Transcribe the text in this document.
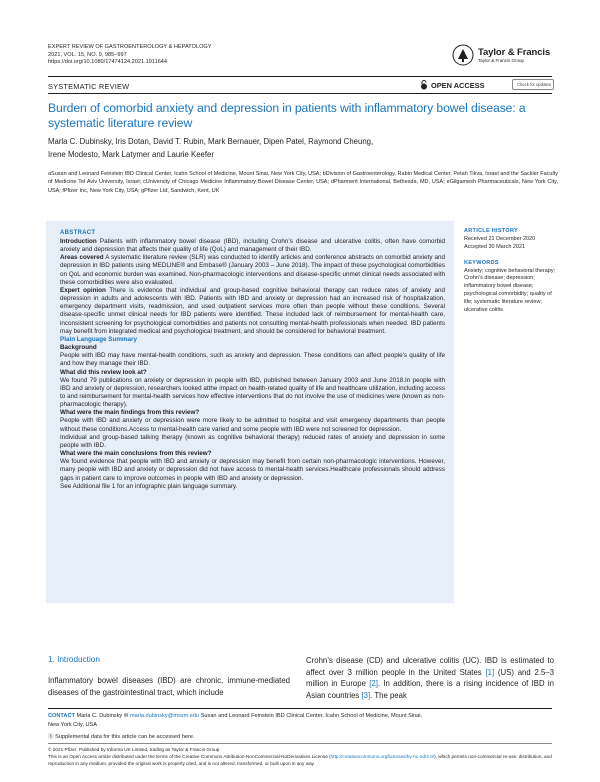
EXPERT REVIEW OF GASTROENTEROLOGY & HEPATOLOGY
2021, VOL. 15, NO. 9, 985–997
https://doi.org/10.1080/17474124.2021.1911644
Taylor & Francis
Taylor & Francis Group
SYSTEMATIC REVIEW	OPEN ACCESS	Check for updates
Burden of comorbid anxiety and depression in patients with inflammatory bowel disease: a systematic literature review
Marla C. Dubinsky, Iris Dotan, David T. Rubin, Mark Bernauer, Dipen Patel, Raymond Cheung,
Irene Modesto, Mark Latymer and Laurie Keefer
aSusan and Leonard Feinstein IBD Clinical Center, Icahn School of Medicine, Mount Sinai, New York City, USA; bDivision of Gastroenterology, Rabin Medical Center, Petah Tikva, Israel and the Sackler Faculty of Medicine Tel Aviv University, Israel; cUniversity of Chicago Medicine Inflammatory Bowel Disease Center, USA; dPharmerit International, Bethesda, MD, USA; eGilgamesh Pharmaceuticals, New York City, USA; fPfizer Inc, New York City, USA; gPfizer Ltd, Sandwich, Kent, UK
ABSTRACT

Introduction Patients with inflammatory bowel disease (IBD), including Crohn’s disease and ulcerative colitis, often have comorbid anxiety and depression that affects their quality of life (QoL) and management of their IBD.

Areas covered A systematic literature review (SLR) was conducted to identify articles and conference abstracts on comorbid anxiety and depression in IBD patients using MEDLINE® and Embase® (January 2003 – June 2018). The impact of these psychological comorbidities on QoL and economic burden was examined. Non-pharmacologic interventions and disease-specific unmet clinical needs associated with these comorbidities were also evaluated.

Expert opinion There is evidence that individual and group-based cognitive behavioral therapy can reduce rates of anxiety and depression in adults and adolescents with IBD. Patients with IBD and anxiety or depression had an increased risk of hospitalization, emergency department visits, readmission, and used outpatient services more often than people without these conditions. Several disease-specific unmet clinical needs for IBD patients were identified. These included lack of reimbursement for mental-health care, inconsistent screening for psychological comorbidities and patients not consulting mental-health professionals when needed. IBD patients may benefit from integrated medical and psychological treatment, and should be considered for behavioral treatment.

Plain Language Summary

Background

People with IBD may have mental-health conditions, such as anxiety and depression. These conditions can affect people’s quality of life and how they manage their IBD.

What did this review look at?

We found 79 publications on anxiety or depression in people with IBD, published between January 2003 and June 2018.In people with IBD and anxiety or depression, researchers looked atthe impact on health-related quality of life and healthcare utilization, including access to and reimbursement for mental-health services how effective interventions that do not involve the use of medicines were (known as non-pharmacologic therapy).

What were the main findings from this review?

People with IBD and anxiety or depression were more likely to be admitted to hospital and visit emergency departments than people without these conditions.Access to mental-health care varied and some people with IBD were not screened for depression.

Individual and group-based talking therapy (known as cognitive behavioral therapy) reduced rates of anxiety and depression in some people with IBD.

What were the main conclusions from this review?

We found evidence that people with IBD and anxiety or depression may benefit from certain non-pharmacologic interventions. However, many people with IBD and anxiety or depression did not have access to mental-health services.Healthcare professionals should address gaps in patient care to improve outcomes in people with IBD and anxiety or depression.

See Additional file 1 for an infographic plain language summary.

ARTICLE HISTORY
Received 21 December 2020
Accepted 30 March 2021
KEYWORDS
Anxiety; cognitive behavioral therapy; Crohn’s disease; depression; inflammatory bowel disease; psychological comorbidity; quality of life; systematic literature review; ulcerative colitis
1. Introduction
Inflammatory bowel diseases (IBD) are chronic, immune-mediated diseases of the gastrointestinal tract, which include
Crohn’s disease (CD) and ulcerative colitis (UC). IBD is estimated to affect over 3 million people in the United States [1] (US) and 2.5–3 million in Europe [2]. In addition, there is a rising incidence of IBD in Asian countries [3]. The peak
CONTACT Marla C. Dubinsky ✉ marla.dubinsky@mssm.edu Susan and Leonard Feinstein IBD Clinical Center, Icahn School of Medicine, Mount Sinai,
New York City, USA
ⓑ Supplemental data for this article can be accessed here.
© 2021 Pfizer. Published by Informa UK Limited, trading as Taylor & Francis Group
This is an Open Access article distributed under the terms of the Creative Commons Attribution-NonCommercial-NoDerivatives License (http://creativecommons.org/licenses/by-nc-nd/4.0/), which permits non-commercial re-use, distribution, and reproduction in any medium, provided the original work is properly cited, and is not altered, transformed, or built upon in any way.
